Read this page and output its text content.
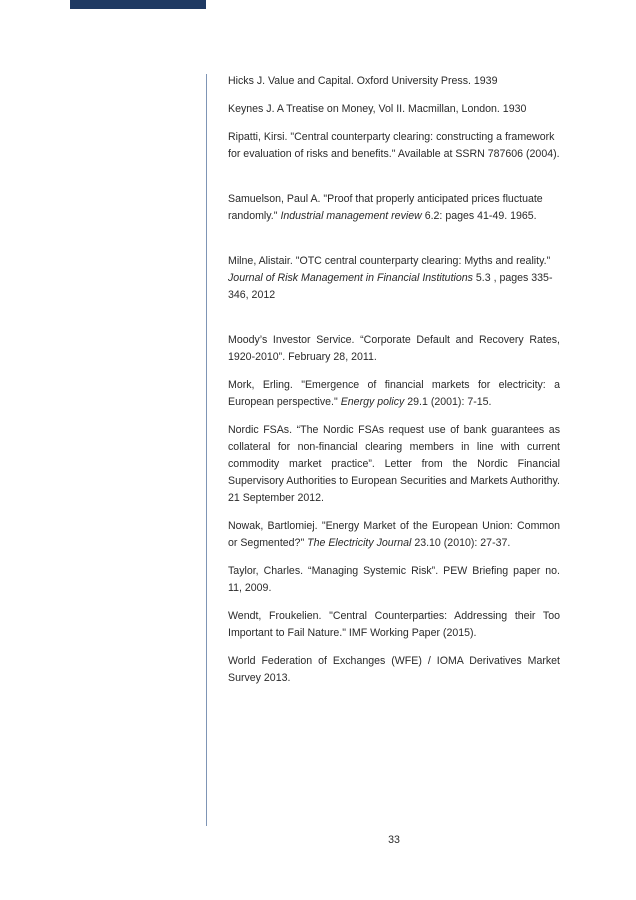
Hicks J. Value and Capital. Oxford University Press. 1939
Keynes J. A Treatise on Money, Vol II. Macmillan, London. 1930
Ripatti, Kirsi. "Central counterparty clearing: constructing a framework for evaluation of risks and benefits." Available at SSRN 787606 (2004).
Samuelson, Paul A. "Proof that properly anticipated prices fluctuate randomly." Industrial management review 6.2: pages 41-49. 1965.
Milne, Alistair. "OTC central counterparty clearing: Myths and reality." Journal of Risk Management in Financial Institutions 5.3 , pages 335-346, 2012
Moody’s Investor Service. “Corporate Default and Recovery Rates, 1920-2010”. February 28, 2011.
Mork, Erling. "Emergence of financial markets for electricity: a European perspective." Energy policy 29.1 (2001): 7-15.
Nordic FSAs. “The Nordic FSAs request use of bank guarantees as collateral for non-financial clearing members in line with current commodity market practice”. Letter from the Nordic Financial Supervisory Authorities to European Securities and Markets Authorithy. 21 September 2012.
Nowak, Bartlomiej. "Energy Market of the European Union: Common or Segmented?" The Electricity Journal 23.10 (2010): 27-37.
Taylor, Charles. “Managing Systemic Risk”. PEW Briefing paper no. 11, 2009.
Wendt, Froukelien. "Central Counterparties: Addressing their Too Important to Fail Nature." IMF Working Paper (2015).
World Federation of Exchanges (WFE) / IOMA Derivatives Market Survey 2013.
33
